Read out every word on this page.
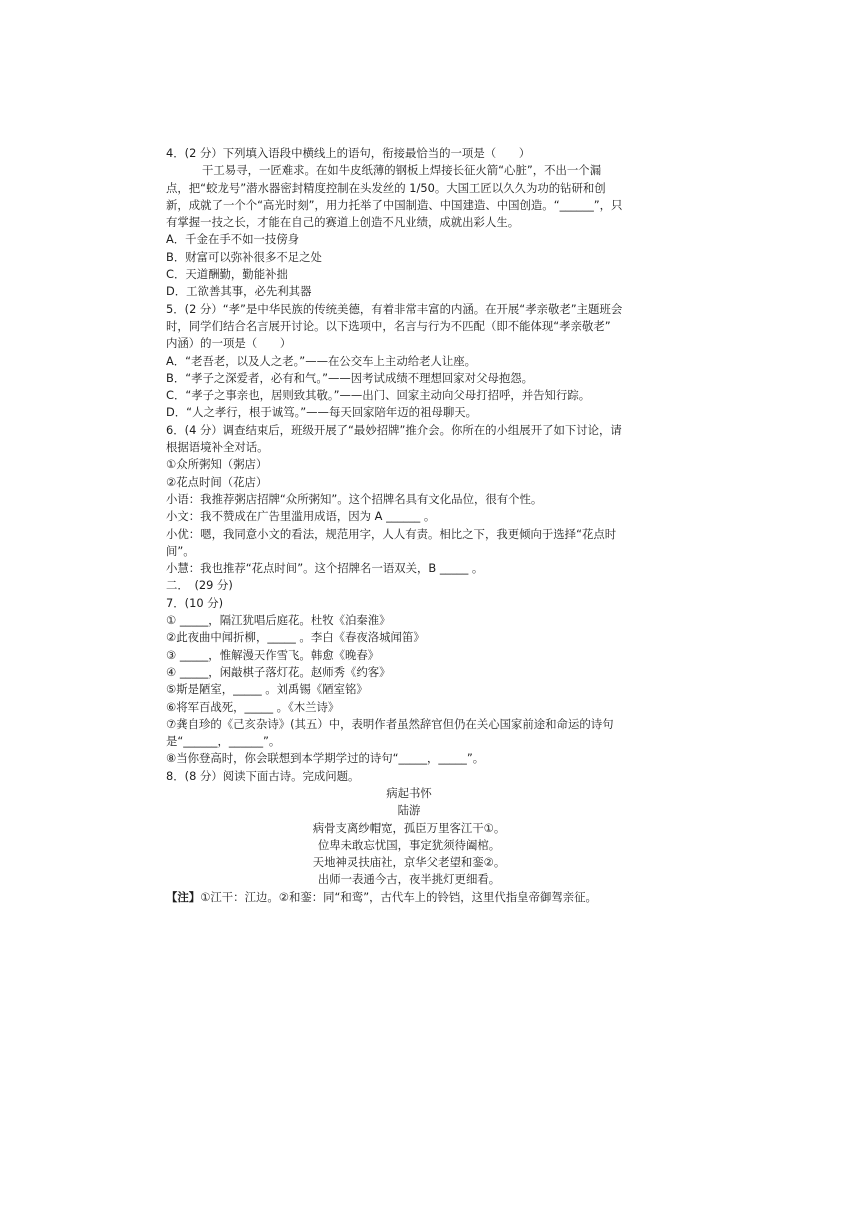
4．(2 分）下列填入语段中横线上的语句，衔接最恰当的一项是（　　）
干工易寻，一匠难求。在如牛皮纸薄的钢板上焊接长征火箭“心脏”，不出一个漏
点，把“蛟龙号”潜水器密封精度控制在头发丝的 1/50。大国工匠以久久为功的钻研和创
新，成就了一个个“高光时刻”，用力托举了中国制造、中国建造、中国创造。“______”，只
有掌握一技之长，才能在自己的赛道上创造不凡业绩，成就出彩人生。
A．千金在手不如一技傍身
B．财富可以弥补很多不足之处
C．天道酬勤，勤能补拙
D．工欲善其事，必先利其器
5．(2 分）“孝”是中华民族的传统美德，有着非常丰富的内涵。在开展“孝亲敬老”主题班会
时，同学们结合名言展开讨论。以下选项中，名言与行为不匹配（即不能体现“孝亲敬老”
内涵）的一项是（　　）
A．“老吾老，以及人之老。”——在公交车上主动给老人让座。
B．“孝子之深爱者，必有和气。”——因考试成绩不理想回家对父母抱怨。
C．“孝子之事亲也，居则致其敬。”——出门、回家主动向父母打招呼，并告知行踪。
D．“人之孝行，根于诚笃。”——每天回家陪年迈的祖母聊天。
6．(4 分）调查结束后，班级开展了“最妙招牌”推介会。你所在的小组展开了如下讨论，请
根据语境补全对话。
①众所粥知（粥店）
②花点时间（花店）
小语：我推荐粥店招牌“众所粥知”。这个招牌名具有文化品位，很有个性。
小文：我不赞成在广告里滥用成语，因为 A ______ 。
小优：嗯，我同意小文的看法，规范用字，人人有责。相比之下，我更倾向于选择“花点时
间”。
小慧：我也推荐“花点时间”。这个招牌名一语双关，B _____ 。
二．　(29 分)
7．(10 分)
① _____，隔江犹唱后庭花。杜牧《泊秦淮》
②此夜曲中闻折柳，_____ 。李白《春夜洛城闻笛》
③ _____，惟解漫天作雪飞。韩愈《晚春》
④ _____，闲敲棋子落灯花。赵师秀《约客》
⑤斯是陋室，_____ 。刘禹锡《陋室铭》
⑥将军百战死，_____ 。《木兰诗》
⑦龚自珍的《己亥杂诗》(其五）中，表明作者虽然辞官但仍在关心国家前途和命运的诗句
是“______，______”。
⑧当你登高时，你会联想到本学期学过的诗句“_____，_____”。
8．(8 分）阅读下面古诗。完成问题。
病起书怀
陆游
病骨支离纱帽宽，孤臣万里客江干①。
位卑未敢忘忧国，事定犹须待阖棺。
天地神灵扶庙社，京华父老望和銮②。
出师一表通今古，夜半挑灯更细看。
【注】①江干：江边。②和銮：同“和鸾”，古代车上的铃铛，这里代指皇帝御驾亲征。
